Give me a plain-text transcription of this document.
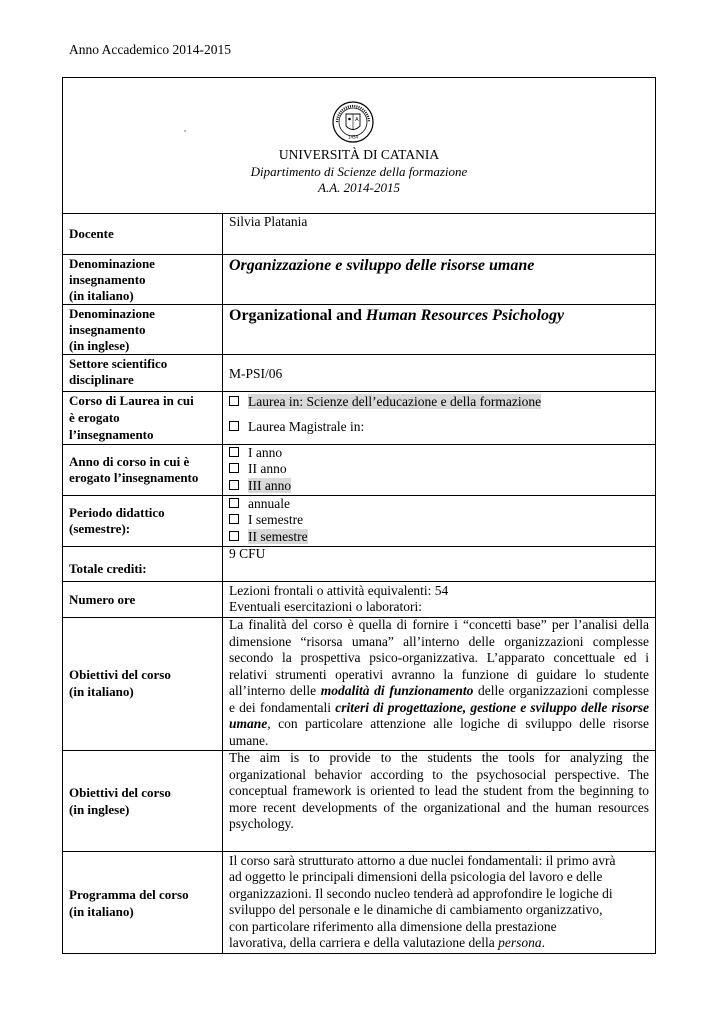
Anno Accademico 2014-2015
A
1434
UNIVERSITÀ DI CATANIA
Dipartimento di Scienze della formazione
A.A. 2014-2015
Docente
Silvia Platania
Denominazione
insegnamento
(in italiano)
Organizzazione e sviluppo delle risorse umane
Denominazione
insegnamento
(in inglese)
Organizational and Human Resources Psichology
Settore scientifico
disciplinare	M-PSI/06
Corso di Laurea in cui
è erogato
l’insegnamento
Laurea in: Scienze dell’educazione e della formazione
Laurea Magistrale in:
Anno di corso in cui è
erogato l’insegnamento
I anno
II anno
III anno
Periodo didattico
(semestre):
annuale
I semestre
II semestre
Totale crediti:
9 CFU
Numero ore
Lezioni frontali o attività equivalenti: 54
Eventuali esercitazioni o laboratori:
Obiettivi del corso
(in italiano)
La finalità del corso è quella di fornire i “concetti base” per l’analisi della dimensione “risorsa umana” all’interno delle organizzazioni complesse secondo la prospettiva psico-organizzativa. L’apparato concettuale ed i relativi strumenti operativi avranno la funzione di guidare lo studente all’interno delle modalità di funzionamento delle organizzazioni complesse e dei fondamentali criteri di progettazione, gestione e sviluppo delle risorse umane, con particolare attenzione alle logiche di sviluppo delle risorse umane.
Obiettivi del corso
(in inglese)
The aim is to provide to the students the tools for analyzing the organizational behavior according to the psychosocial perspective. The conceptual framework is oriented to lead the student from the beginning to more recent developments of the organizational and the human resources psychology.
Programma del corso
(in italiano)
Il corso sarà strutturato attorno a due nuclei fondamentali: il primo avrà
ad oggetto le principali dimensioni della psicologia del lavoro e delle
organizzazioni. Il secondo nucleo tenderà ad approfondire le logiche di
sviluppo del personale e le dinamiche di cambiamento organizzativo,
con particolare riferimento alla dimensione della prestazione
lavorativa, della carriera e della valutazione della persona.
